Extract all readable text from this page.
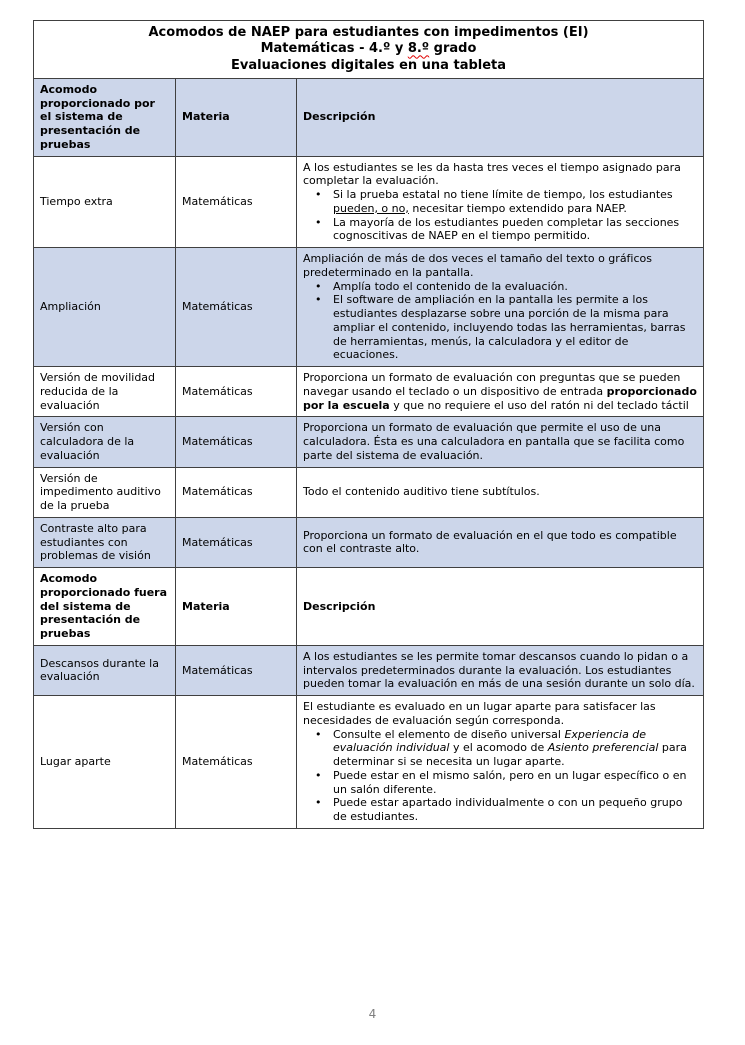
Acomodos de NAEP para estudiantes con impedimentos (EI)
Matemáticas - 4.º y 8.º grado
Evaluaciones digitales en una tableta		

Acomodo proporcionado por el sistema de presentación de pruebas	Materia	Descripción
Tiempo extra	Matemáticas	A los estudiantes se les da hasta tres veces el tiempo asignado para completar la evaluación.
• Si la prueba estatal no tiene límite de tiempo, los estudiantes pueden, o no, necesitar tiempo extendido para NAEP.
• La mayoría de los estudiantes pueden completar las secciones cognoscitivas de NAEP en el tiempo permitido.

Ampliación	Matemáticas	Ampliación de más de dos veces el tamaño del texto o gráficos predeterminado en la pantalla.
• Amplía todo el contenido de la evaluación.
• El software de ampliación en la pantalla les permite a los estudiantes desplazarse sobre una porción de la misma para ampliar el contenido, incluyendo todas las herramientas, barras de herramientas, menús, la calculadora y el editor de ecuaciones.

Versión de movilidad reducida de la evaluación	Matemáticas	Proporciona un formato de evaluación con preguntas que se pueden navegar usando el teclado o un dispositivo de entrada proporcionado por la escuela y que no requiere el uso del ratón ni del teclado táctil

Versión con calculadora de la evaluación	Matemáticas	Proporciona un formato de evaluación que permite el uso de una calculadora. Ésta es una calculadora en pantalla que se facilita como parte del sistema de evaluación.

Versión de impedimento auditivo de la prueba	Matemáticas	Todo el contenido auditivo tiene subtítulos.

Contraste alto para estudiantes con problemas de visión	Matemáticas	Proporciona un formato de evaluación en el que todo es compatible con el contraste alto.

Acomodo proporcionado fuera del sistema de presentación de pruebas	Materia	Descripción
Descansos durante la evaluación	Matemáticas	A los estudiantes se les permite tomar descansos cuando lo pidan o a intervalos predeterminados durante la evaluación. Los estudiantes pueden tomar la evaluación en más de una sesión durante un solo día.

Lugar aparte	Matemáticas	
El estudiante es evaluado en un lugar aparte para satisfacer las necesidades de evaluación según corresponda.
•	Consulte el elemento de diseño universal Experiencia de evaluación individual y el acomodo de Asiento preferencial para determinar si se necesita un lugar aparte.
•	Puede estar en el mismo salón, pero en un lugar específico o en un salón diferente.
•	Puede estar apartado individualmente o con un pequeño grupo de estudiantes.
4
